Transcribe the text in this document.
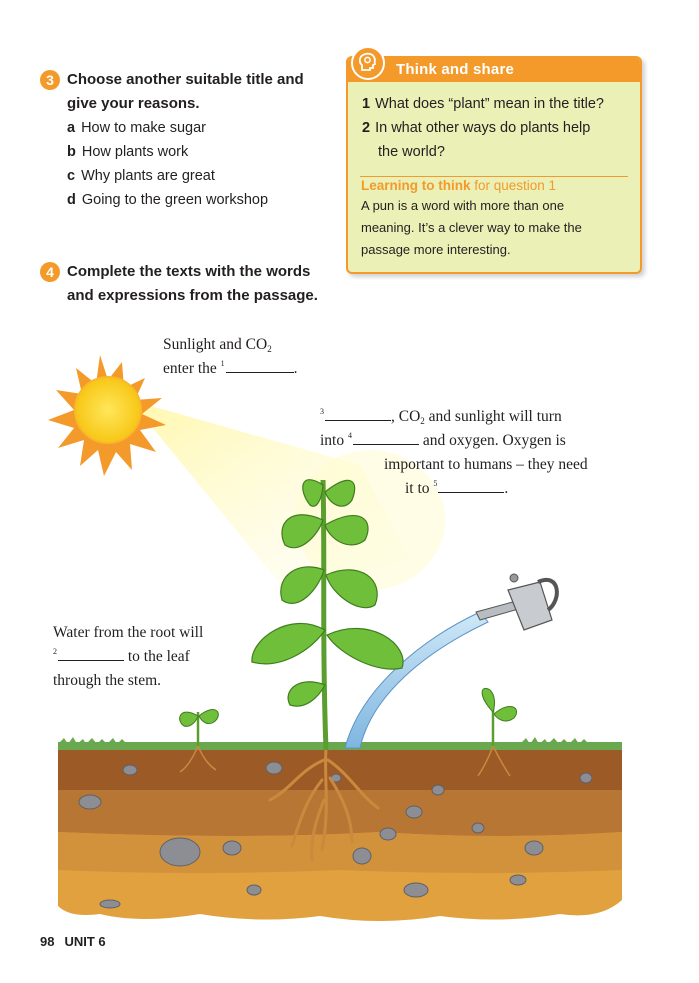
3 Choose another suitable title and
give your reasons.
a How to make sugar
b How plants work
c Why plants are great
d Going to the green workshop
4 Complete the texts with the words
and expressions from the passage.
Think and share
1 What does “plant” mean in the title?
2 In what other ways do plants help
the world?
Learning to think for question 1
A pun is a word with more than one
meaning. It’s a clever way to make the
passage more interesting.
Sunlight and CO2
enter the $^1$	.
$^3$	, CO2 and sunlight will turn
into $^4$	and oxygen. Oxygen is
important to humans – they need
it to $^5$	.
Water from the root will
$^2$	to the leaf
through the stem.
98 UNIT 6
